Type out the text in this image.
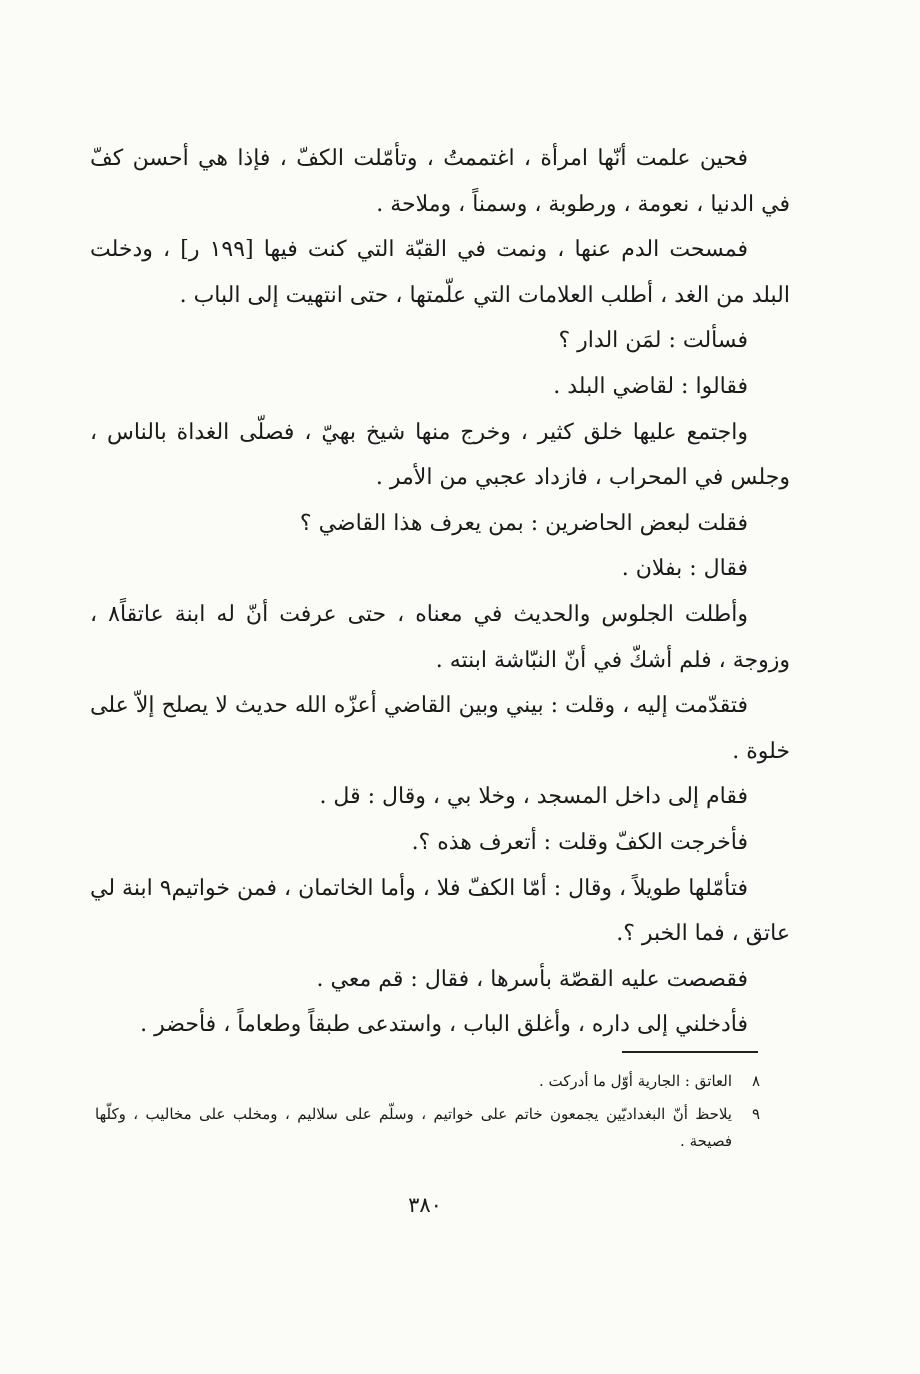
فحين علمت أنّها امرأة ، اغتممتُ ، وتأمّلت الكفّ ، فإذا هي أحسن كفّ في الدنيا ، نعومة ، ورطوبة ، وسمناً ، وملاحة .

فمسحت الدم عنها ، ونمت في القبّة التي كنت فيها [١٩٩ ر] ، ودخلت البلد من الغد ، أطلب العلامات التي علّمتها ، حتى انتهيت إلى الباب .

فسألت : لمَن الدار ؟

فقالوا : لقاضي البلد .

واجتمع عليها خلق كثير ، وخرج منها شيخ بهيّ ، فصلّى الغداة بالناس ، وجلس في المحراب ، فازداد عجبي من الأمر .

فقلت لبعض الحاضرين : بمن يعرف هذا القاضي ؟

فقال : بفلان .

وأطلت الجلوس والحديث في معناه ، حتى عرفت أنّ له ابنة عاتقاً٨ ، وزوجة ، فلم أشكّ في أنّ النبّاشة ابنته .

فتقدّمت إليه ، وقلت : بيني وبين القاضي أعزّه الله حديث لا يصلح إلاّ على خلوة .

فقام إلى داخل المسجد ، وخلا بي ، وقال : قل .

فأخرجت الكفّ وقلت : أتعرف هذه ؟.

فتأمّلها طويلاً ، وقال : أمّا الكفّ فلا ، وأما الخاتمان ، فمن خواتيم٩ ابنة لي عاتق ، فما الخبر ؟.

فقصصت عليه القصّة بأسرها ، فقال : قم معي .

فأدخلني إلى داره ، وأغلق الباب ، واستدعى طبقاً وطعاماً ، فأحضر .

٨
العاتق : الجارية أوّل ما أدركت .
٩
يلاحظ أنّ البغداديّين يجمعون خاتم على خواتيم ، وسلّم على سلاليم ، ومخلب على مخاليب ، وكلّها فصيحة .
٣٨٠
